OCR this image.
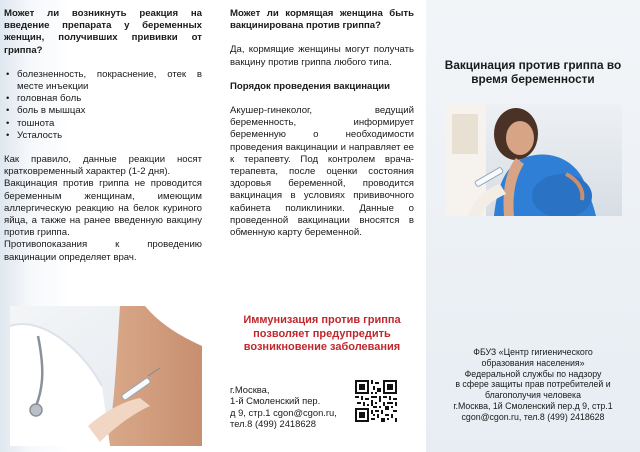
Может ли возникнуть реакция на введение препарата у беременных женщин, получивших прививки от гриппа?

• болезненность, покраснение, отек в месте инъекции
• головная боль
• боль в мышцах
• тошнота
• Усталость

Как правило, данные реакции носят кратковременный характер (1-2 дня).

Вакцинация против гриппа не проводится беременным женщинам, имеющим аллергическую реакцию на белок куриного яйца, а также на ранее введенную вакцину против гриппа.

Противопоказания к проведению вакцинации определяет врач.

Может ли кормящая женщина быть вакцинирована против гриппа?

Да, кормящие женщины могут получать вакцину против гриппа любого типа.

Порядок проведения вакцинации

Акушер-гинеколог, ведущий беременность, информирует беременную о необходимости проведения вакцинации и направляет ее к терапевту. Под контролем врача-терапевта, после оценки состояния здоровья беременной, проводится вакцинация в условиях прививочного кабинета поликлиники. Данные о проведенной вакцинации вносятся в обменную карту беременной.

Иммунизация против гриппа позволяет предупредить возникновение заболевания
г.Москва,
1-й Смоленский пер.
д 9, стр.1 cgon@cgon.ru,
тел.8 (499) 2418628
Вакцинация против гриппа во время беременности
ФБУЗ «Центр гигиенического
образования населения»
Федеральной службы по надзору
в сфере защиты прав потребителей и
благополучия человека
г.Москва, 1й Смоленский пер.д 9, стр.1
cgon@cgon.ru, тел.8 (499) 2418628
